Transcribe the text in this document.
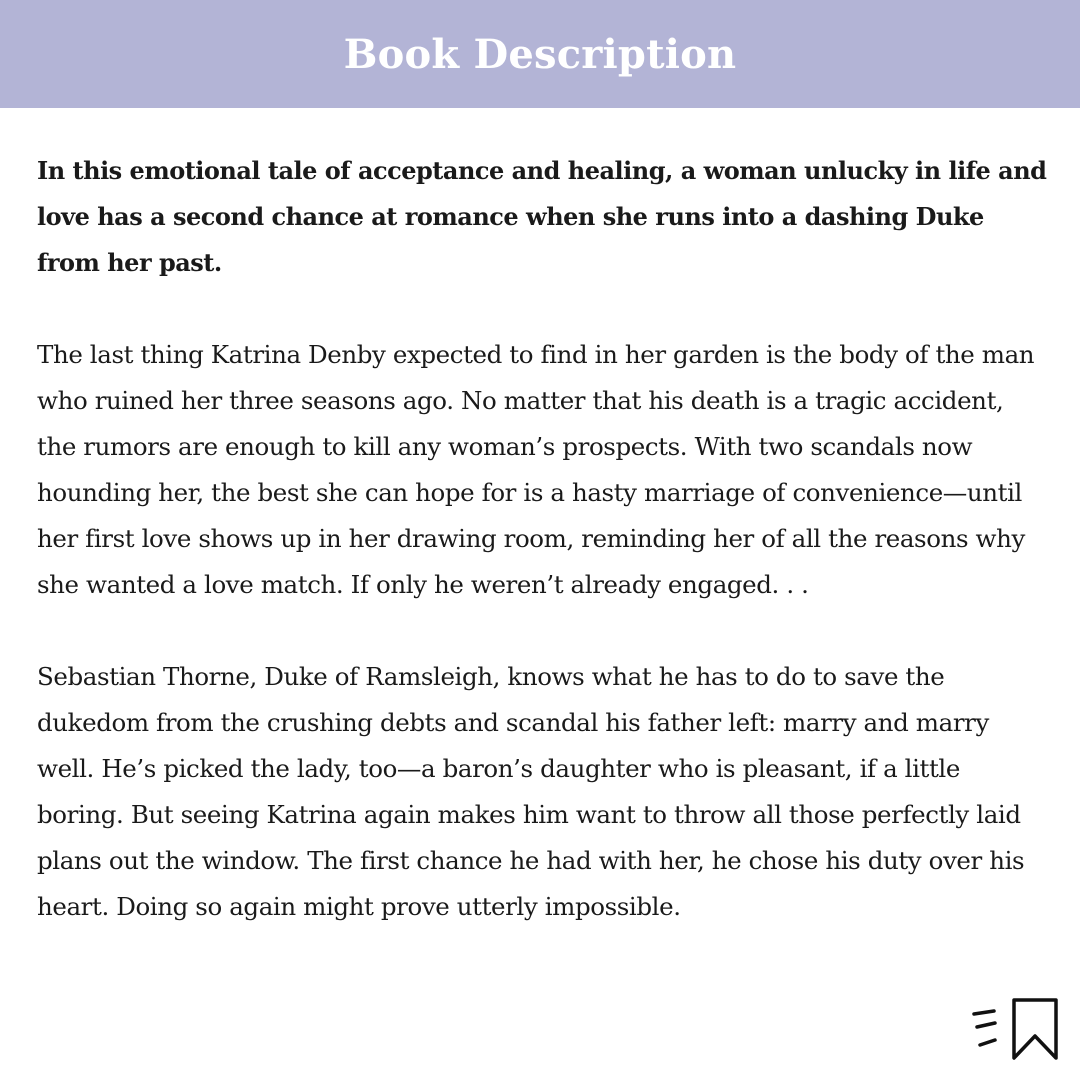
Book Description

In this emotional tale of acceptance and healing, a woman unlucky in life and love has a second chance at romance when she runs into a dashing Duke from her past.

The last thing Katrina Denby expected to find in her garden is the body of the man who ruined her three seasons ago. No matter that his death is a tragic accident, the rumors are enough to kill any woman’s prospects. With two scandals now hounding her, the best she can hope for is a hasty marriage of convenience—until her first love shows up in her drawing room, reminding her of all the reasons why she wanted a love match. If only he weren’t already engaged. . .

Sebastian Thorne, Duke of Ramsleigh, knows what he has to do to save the dukedom from the crushing debts and scandal his father left: marry and marry well. He’s picked the lady, too—a baron’s daughter who is pleasant, if a little boring. But seeing Katrina again makes him want to throw all those perfectly laid plans out the window. The first chance he had with her, he chose his duty over his heart. Doing so again might prove utterly impossible.
